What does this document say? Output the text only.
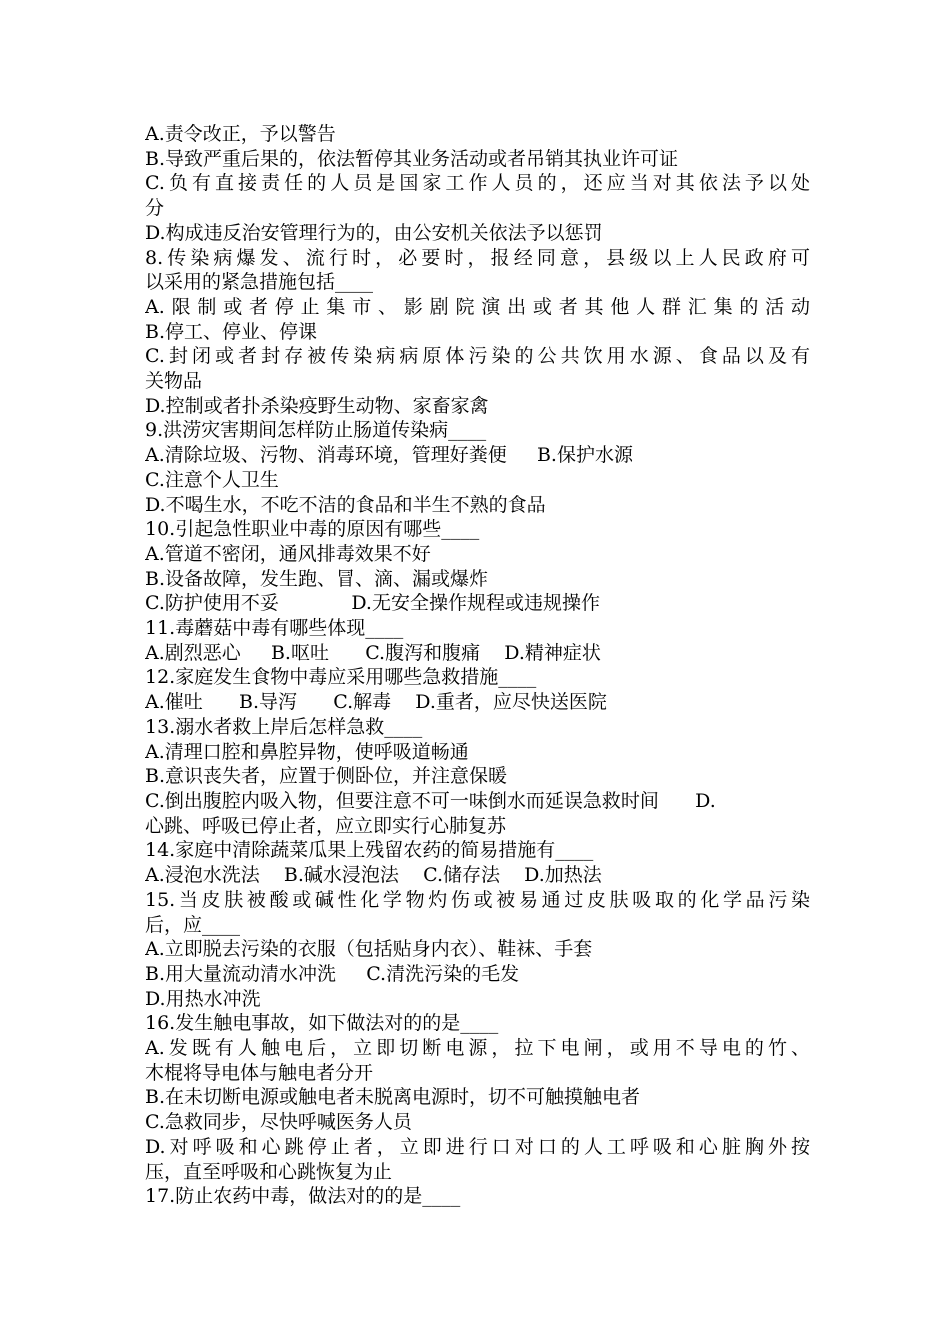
A.责令改正，予以警告
B.导致严重后果的，依法暂停其业务活动或者吊销其执业许可证
C.负有直接责任的人员是国家工作人员的，还应当对其依法予以处
分
D.构成违反治安管理行为的，由公安机关依法予以惩罚
8.传染病爆发、流行时，必要时，报经同意，县级以上人民政府可
以采用的紧急措施包括____
A.限制或者停止集市、影剧院演出或者其他人群汇集的活动
B.停工、停业、停课
C.封闭或者封存被传染病病原体污染的公共饮用水源、食品以及有
关物品
D.控制或者扑杀染疫野生动物、家畜家禽
9.洪涝灾害期间怎样防止肠道传染病____
A.清除垃圾、污物、消毒环境，管理好粪便     B.保护水源
C.注意个人卫生
D.不喝生水，不吃不洁的食品和半生不熟的食品
10.引起急性职业中毒的原因有哪些____
A.管道不密闭，通风排毒效果不好
B.设备故障，发生跑、冒、滴、漏或爆炸
C.防护使用不妥            D.无安全操作规程或违规操作
11.毒蘑菇中毒有哪些体现____
A.剧烈恶心     B.呕吐      C.腹泻和腹痛    D.精神症状
12.家庭发生食物中毒应采用哪些急救措施____
A.催吐      B.导泻      C.解毒    D.重者，应尽快送医院
13.溺水者救上岸后怎样急救____
A.清理口腔和鼻腔异物，使呼吸道畅通
B.意识丧失者，应置于侧卧位，并注意保暖
C.倒出腹腔内吸入物，但要注意不可一味倒水而延误急救时间      D.
心跳、呼吸已停止者，应立即实行心肺复苏
14.家庭中清除蔬菜瓜果上残留农药的简易措施有____
A.浸泡水洗法    B.碱水浸泡法    C.储存法    D.加热法
15.当皮肤被酸或碱性化学物灼伤或被易通过皮肤吸取的化学品污染
后，应____
A.立即脱去污染的衣服（包括贴身内衣）、鞋袜、手套
B.用大量流动清水冲洗     C.清洗污染的毛发
D.用热水冲洗
16.发生触电事故，如下做法对的的是____
A.发既有人触电后，立即切断电源，拉下电闸，或用不导电的竹、
木棍将导电体与触电者分开
B.在未切断电源或触电者未脱离电源时，切不可触摸触电者
C.急救同步，尽快呼喊医务人员
D.对呼吸和心跳停止者，立即进行口对口的人工呼吸和心脏胸外按
压，直至呼吸和心跳恢复为止
17.防止农药中毒，做法对的的是____
